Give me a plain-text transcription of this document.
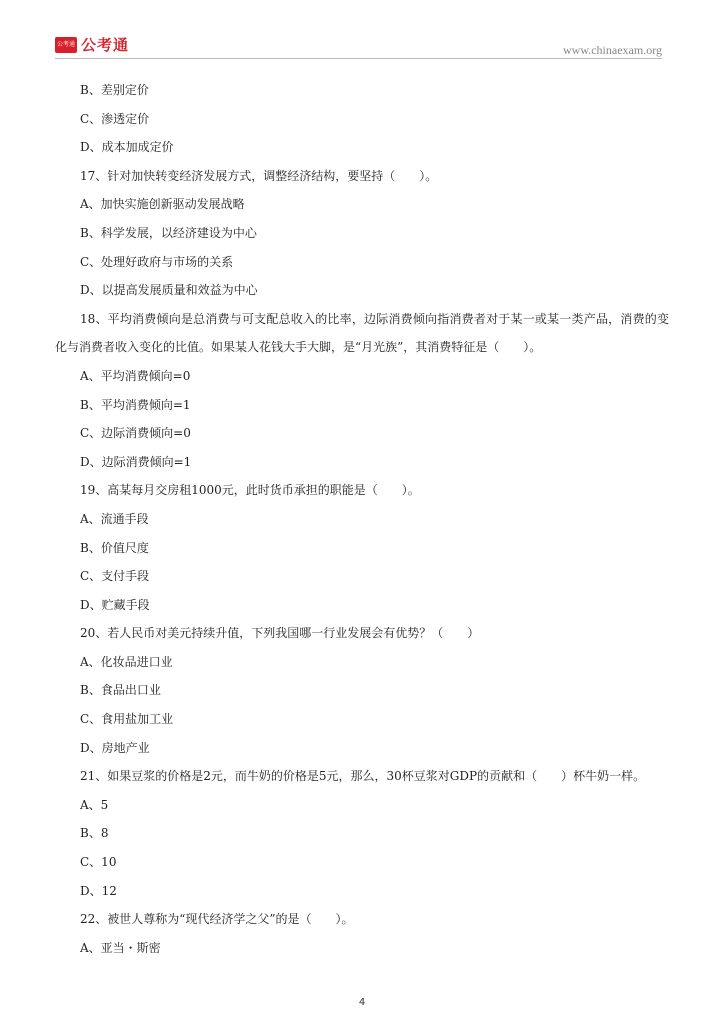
公考通 公考通	www.chinaexam.org
B、差别定价
C、渗透定价
D、成本加成定价
17、针对加快转变经济发展方式，调整经济结构，要坚持（　　）。
A、加快实施创新驱动发展战略
B、科学发展，以经济建设为中心
C、处理好政府与市场的关系
D、以提高发展质量和效益为中心
18、平均消费倾向是总消费与可支配总收入的比率，边际消费倾向指消费者对于某一或某一类产品，消费的变化与消费者收入变化的比值。如果某人花钱大手大脚，是“月光族”，其消费特征是（　　）。
A、平均消费倾向=0
B、平均消费倾向=1
C、边际消费倾向=0
D、边际消费倾向=1
19、高某每月交房租1000元，此时货币承担的职能是（　　）。
A、流通手段
B、价值尺度
C、支付手段
D、贮藏手段
20、若人民币对美元持续升值，下列我国哪一行业发展会有优势？（　　）
A、化妆品进口业
B、食品出口业
C、食用盐加工业
D、房地产业
21、如果豆浆的价格是2元，而牛奶的价格是5元，那么，30杯豆浆对GDP的贡献和（　　）杯牛奶一样。
A、5
B、8
C、10
D、12
22、被世人尊称为“现代经济学之父”的是（　　）。
A、亚当・斯密
4
